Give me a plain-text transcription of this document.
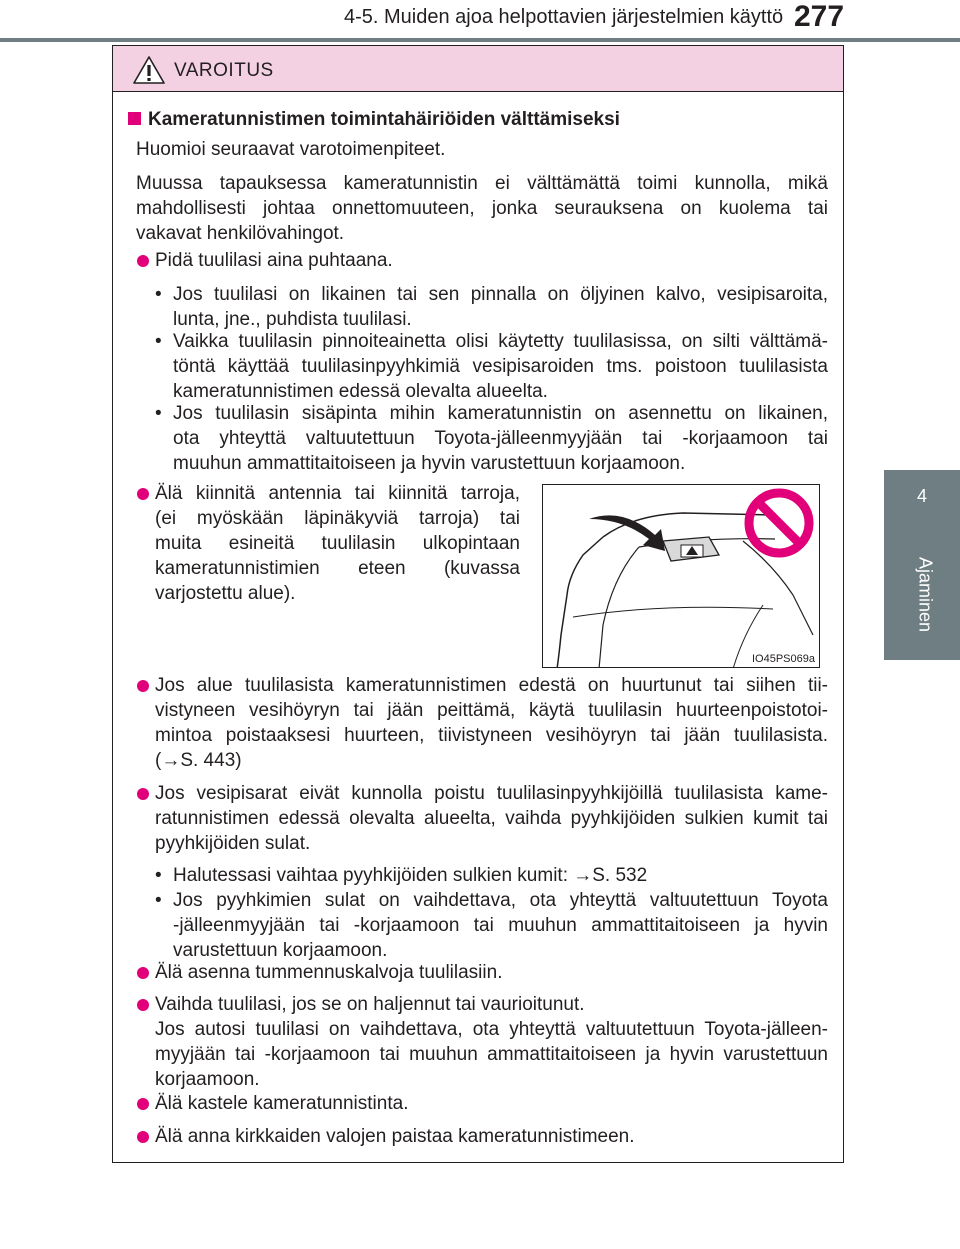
4-5. Muiden ajoa helpottavien järjestelmien käyttö 277
4
Ajaminen
VAROITUS
Kameratunnistimen toimintahäiriöiden välttämiseksi
Huomioi seuraavat varotoimenpiteet.
Muussa tapauksessa kameratunnistin ei välttämättä toimi kunnolla, mikä
mahdollisesti johtaa onnettomuuteen, jonka seurauksena on kuolema tai
vakavat henkilövahingot.
Pidä tuulilasi aina puhtaana.
• Jos tuulilasi on likainen tai sen pinnalla on öljyinen kalvo, vesipisaroita,
lunta, jne., puhdista tuulilasi.
• Vaikka tuulilasin pinnoiteainetta olisi käytetty tuulilasissa, on silti välttämä-
töntä käyttää tuulilasinpyyhkimiä vesipisaroiden tms. poistoon tuulilasista
kameratunnistimen edessä olevalta alueelta.
• Jos tuulilasin sisäpinta mihin kameratunnistin on asennettu on likainen,
ota yhteyttä valtuutettuun Toyota-jälleenmyyjään tai -korjaamoon tai
muuhun ammattitaitoiseen ja hyvin varustettuun korjaamoon.
Älä kiinnitä antennia tai kiinnitä tarroja,
(ei myöskään läpinäkyviä tarroja) tai
muita esineitä tuulilasin ulkopintaan
kameratunnistimien eteen (kuvassa
varjostettu alue).
IO45PS069a
Jos alue tuulilasista kameratunnistimen edestä on huurtunut tai siihen tii-
vistyneen vesihöyryn tai jään peittämä, käytä tuulilasin huurteenpoistotoi-
mintoa poistaaksesi huurteen, tiivistyneen vesihöyryn tai jään tuulilasista.
(→S. 443)
Jos vesipisarat eivät kunnolla poistu tuulilasinpyyhkijöillä tuulilasista kame-
ratunnistimen edessä olevalta alueelta, vaihda pyyhkijöiden sulkien kumit tai
pyyhkijöiden sulat.
• Halutessasi vaihtaa pyyhkijöiden sulkien kumit: →S. 532
• Jos pyyhkimien sulat on vaihdettava, ota yhteyttä valtuutettuun Toyota
-jälleenmyyjään tai -korjaamoon tai muuhun ammattitaitoiseen ja hyvin
varustettuun korjaamoon.
Älä asenna tummennuskalvoja tuulilasiin.
Vaihda tuulilasi, jos se on haljennut tai vaurioitunut.
Jos autosi tuulilasi on vaihdettava, ota yhteyttä valtuutettuun Toyota-jälleen-
myyjään tai -korjaamoon tai muuhun ammattitaitoiseen ja hyvin varustettuun
korjaamoon.
Älä kastele kameratunnistinta.
Älä anna kirkkaiden valojen paistaa kameratunnistimeen.
